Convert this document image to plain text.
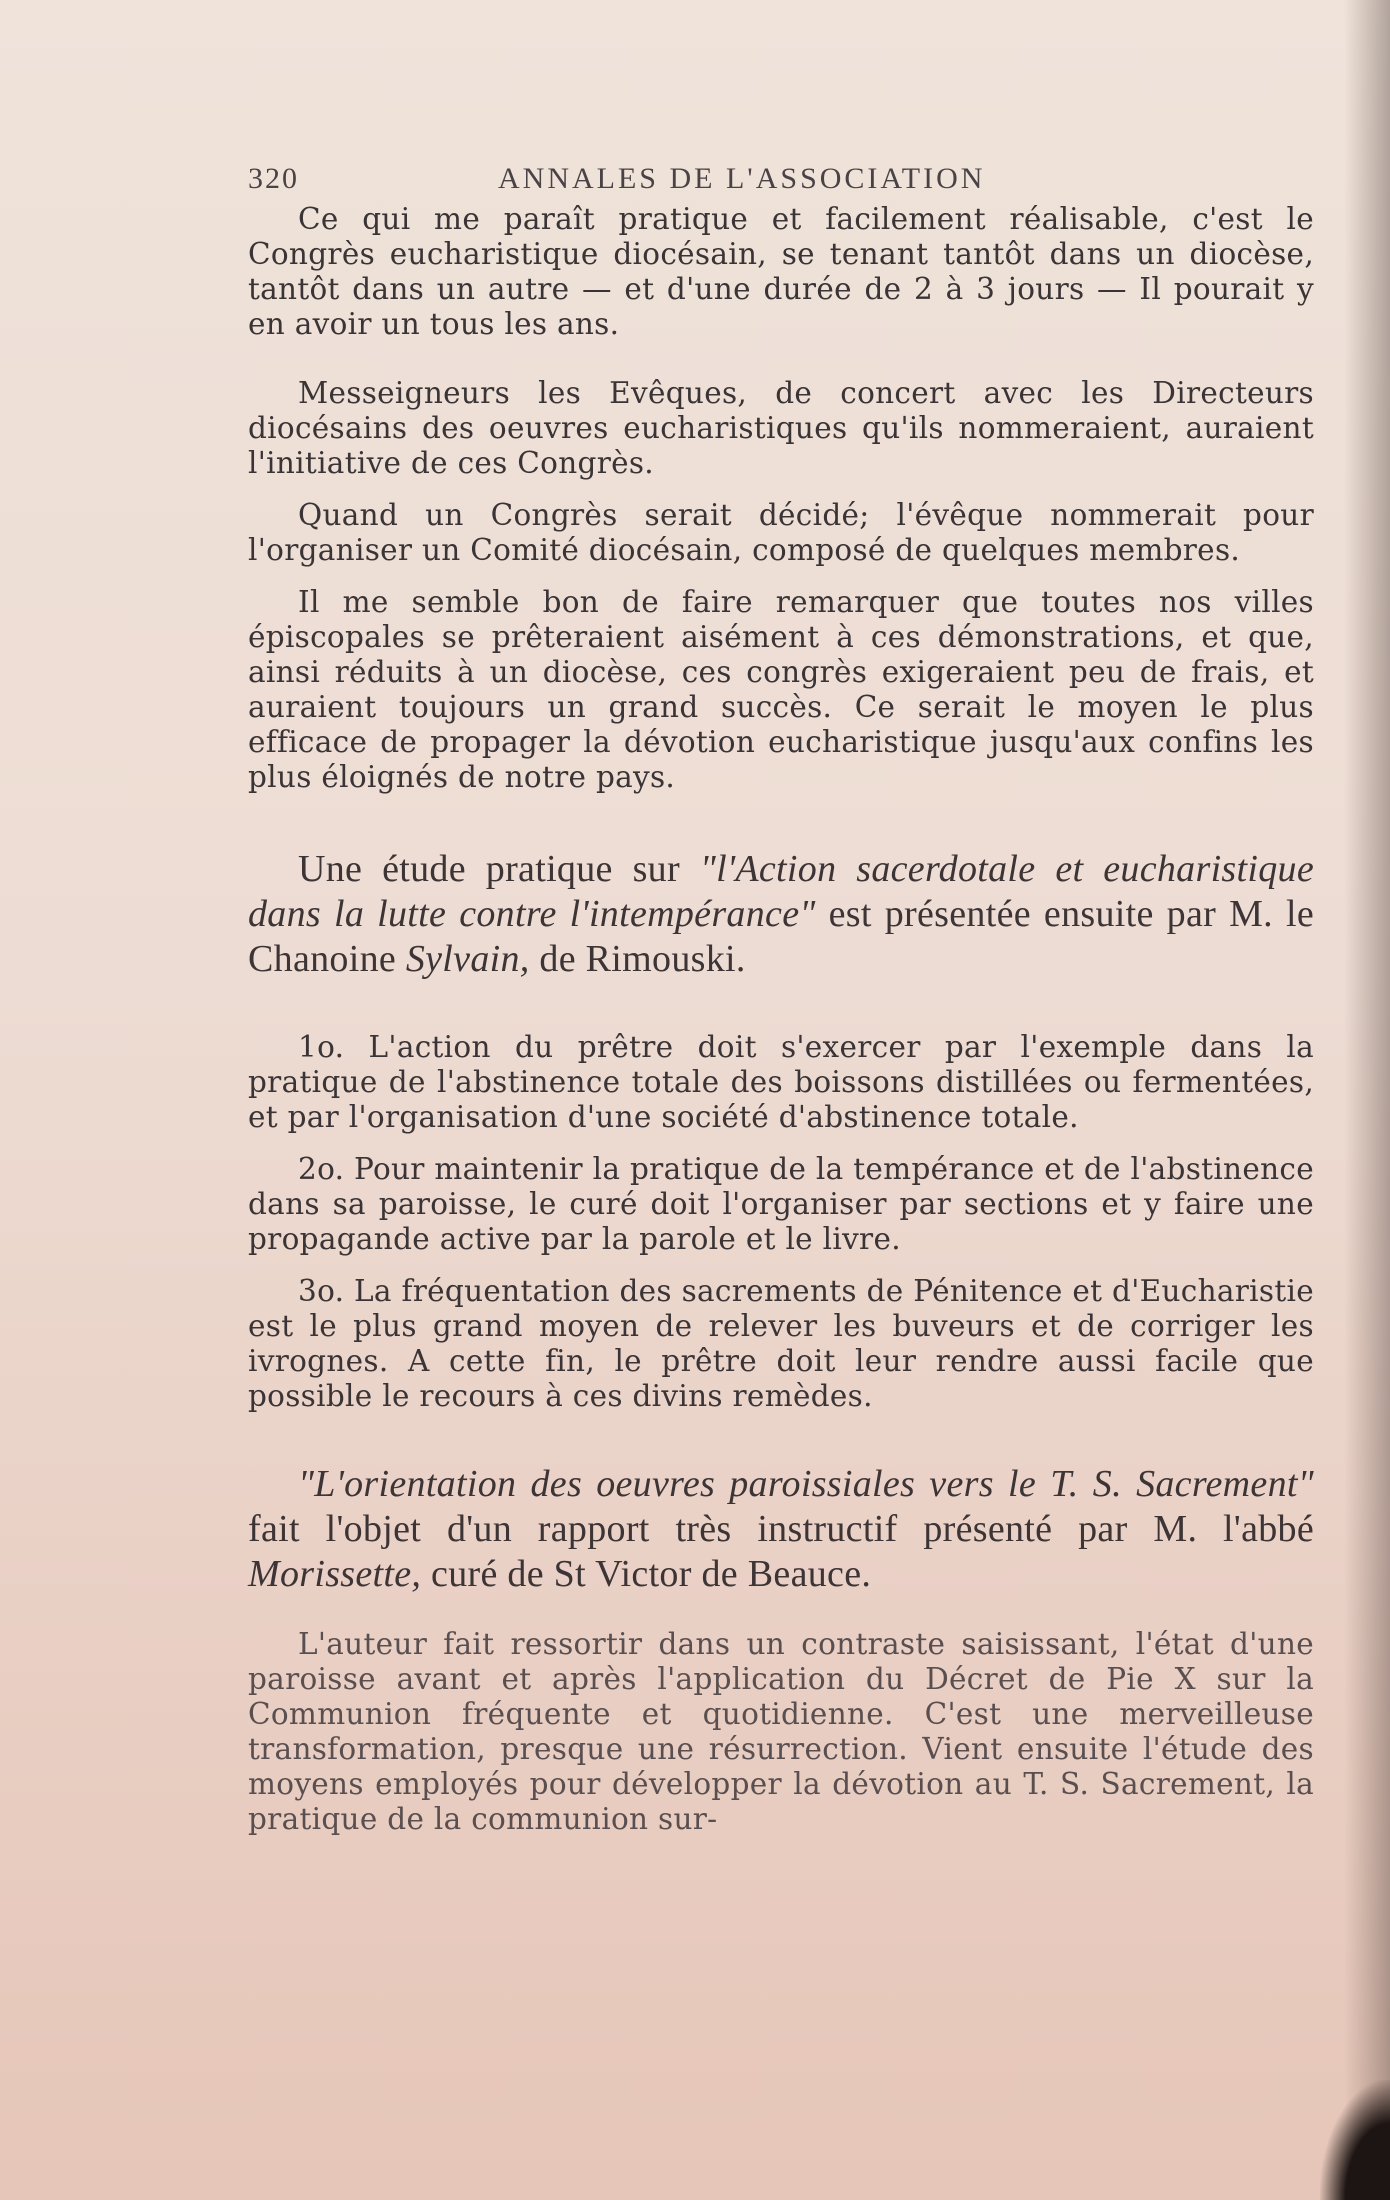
320	ANNALES DE L'ASSOCIATION

Ce qui me paraît pratique et facilement réalisable, c'est le Congrès eucharistique diocésain, se tenant tantôt dans un diocèse, tantôt dans un autre — et d'une durée de 2 à 3 jours — Il pourait y en avoir un tous les ans.

Messeigneurs les Evêques, de concert avec les Directeurs diocésains des oeuvres eucharistiques qu'ils nommeraient, auraient l'initiative de ces Congrès.

Quand un Congrès serait décidé; l'évêque nommerait pour l'organiser un Comité diocésain, composé de quelques membres.

Il me semble bon de faire remarquer que toutes nos villes épiscopales se prêteraient aisément à ces démonstrations, et que, ainsi réduits à un diocèse, ces congrès exigeraient peu de frais, et auraient toujours un grand succès. Ce serait le moyen le plus efficace de propager la dévotion eucharistique jusqu'aux confins les plus éloignés de notre pays.

Une étude pratique sur "l'Action sacerdotale et eucharistique dans la lutte contre l'intempérance" est présentée ensuite par M. le Chanoine Sylvain, de Rimouski.

1o. L'action du prêtre doit s'exercer par l'exemple dans la pratique de l'abstinence totale des boissons distillées ou fermentées, et par l'organisation d'une société d'abstinence totale.

2o. Pour maintenir la pratique de la tempérance et de l'abstinence dans sa paroisse, le curé doit l'organiser par sections et y faire une propagande active par la parole et le livre.

3o. La fréquentation des sacrements de Pénitence et d'Eucharistie est le plus grand moyen de relever les buveurs et de corriger les ivrognes. A cette fin, le prêtre doit leur rendre aussi facile que possible le recours à ces divins remèdes.

"L'orientation des oeuvres paroissiales vers le T. S. Sacrement" fait l'objet d'un rapport très instructif présenté par M. l'abbé Morissette, curé de St Victor de Beauce.

L'auteur fait ressortir dans un contraste saisissant, l'état d'une paroisse avant et après l'application du Décret de Pie X sur la Communion fréquente et quotidienne. C'est une merveilleuse transformation, presque une résurrection. Vient ensuite l'étude des moyens employés pour développer la dévotion au T. S. Sacrement, la pratique de la communion sur-
